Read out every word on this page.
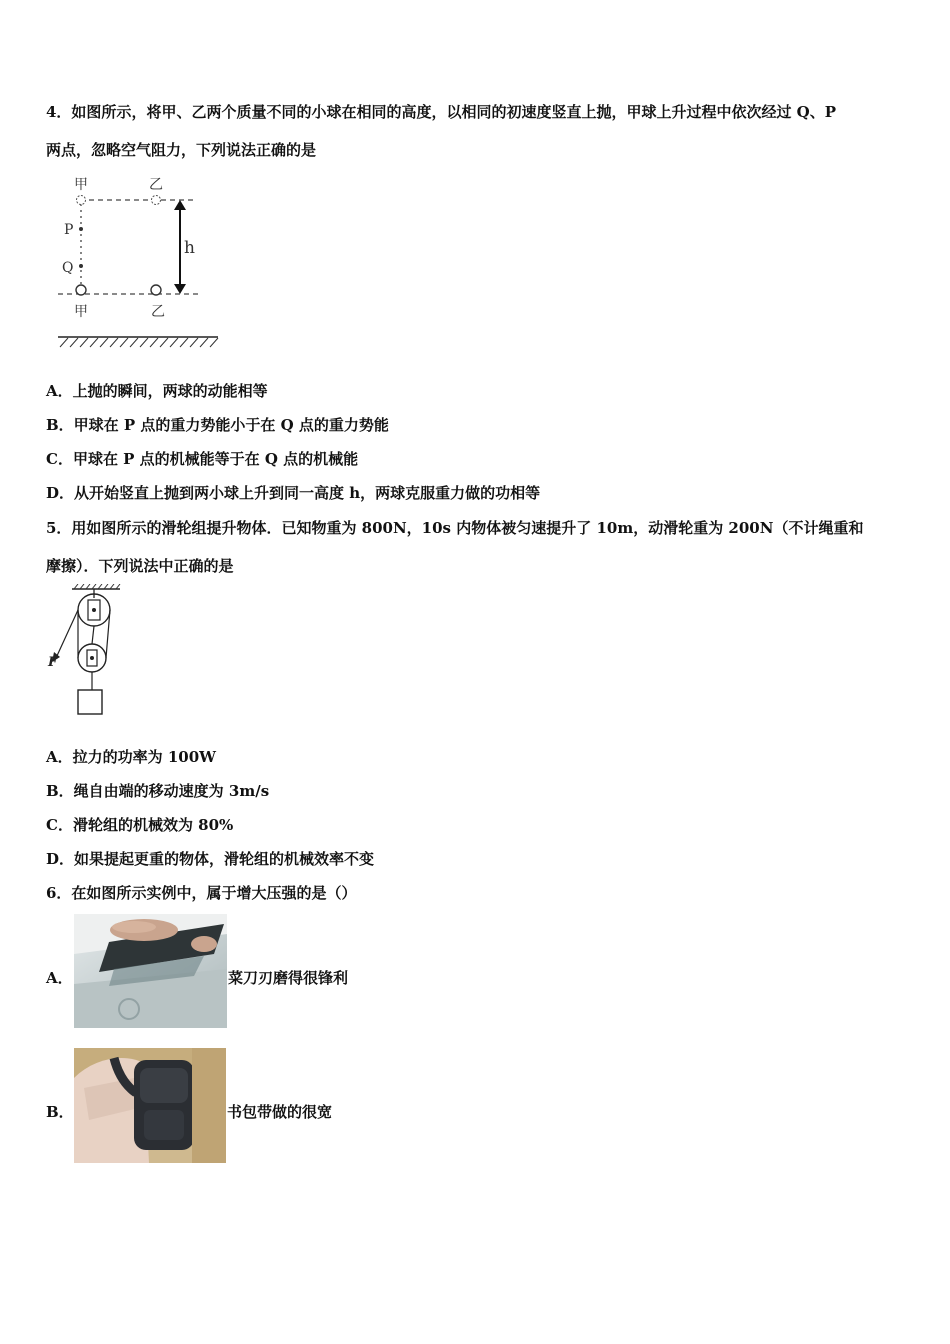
4．如图所示，将甲、乙两个质量不同的小球在相同的高度，以相同的初速度竖直上抛，甲球上升过程中依次经过 Q、P
两点，忽略空气阻力，下列说法正确的是
甲	乙
P
Q
h
甲	乙
A．上抛的瞬间，两球的动能相等
B．甲球在 P 点的重力势能小于在 Q 点的重力势能
C．甲球在 P 点的机械能等于在 Q 点的机械能
D．从开始竖直上抛到两小球上升到同一高度 h，两球克服重力做的功相等
5．用如图所示的滑轮组提升物体．已知物重为 800N，10s 内物体被匀速提升了 10m，动滑轮重为 200N（不计绳重和
摩擦）．下列说法中正确的是
F
A．拉力的功率为 100W
B．绳自由端的移动速度为 3m/s
C．滑轮组的机械效为 80%
D．如果提起更重的物体，滑轮组的机械效率不变
6．在如图所示实例中，属于增大压强的是（）
A．	菜刀刃磨得很锋利
B．	书包带做的很宽
